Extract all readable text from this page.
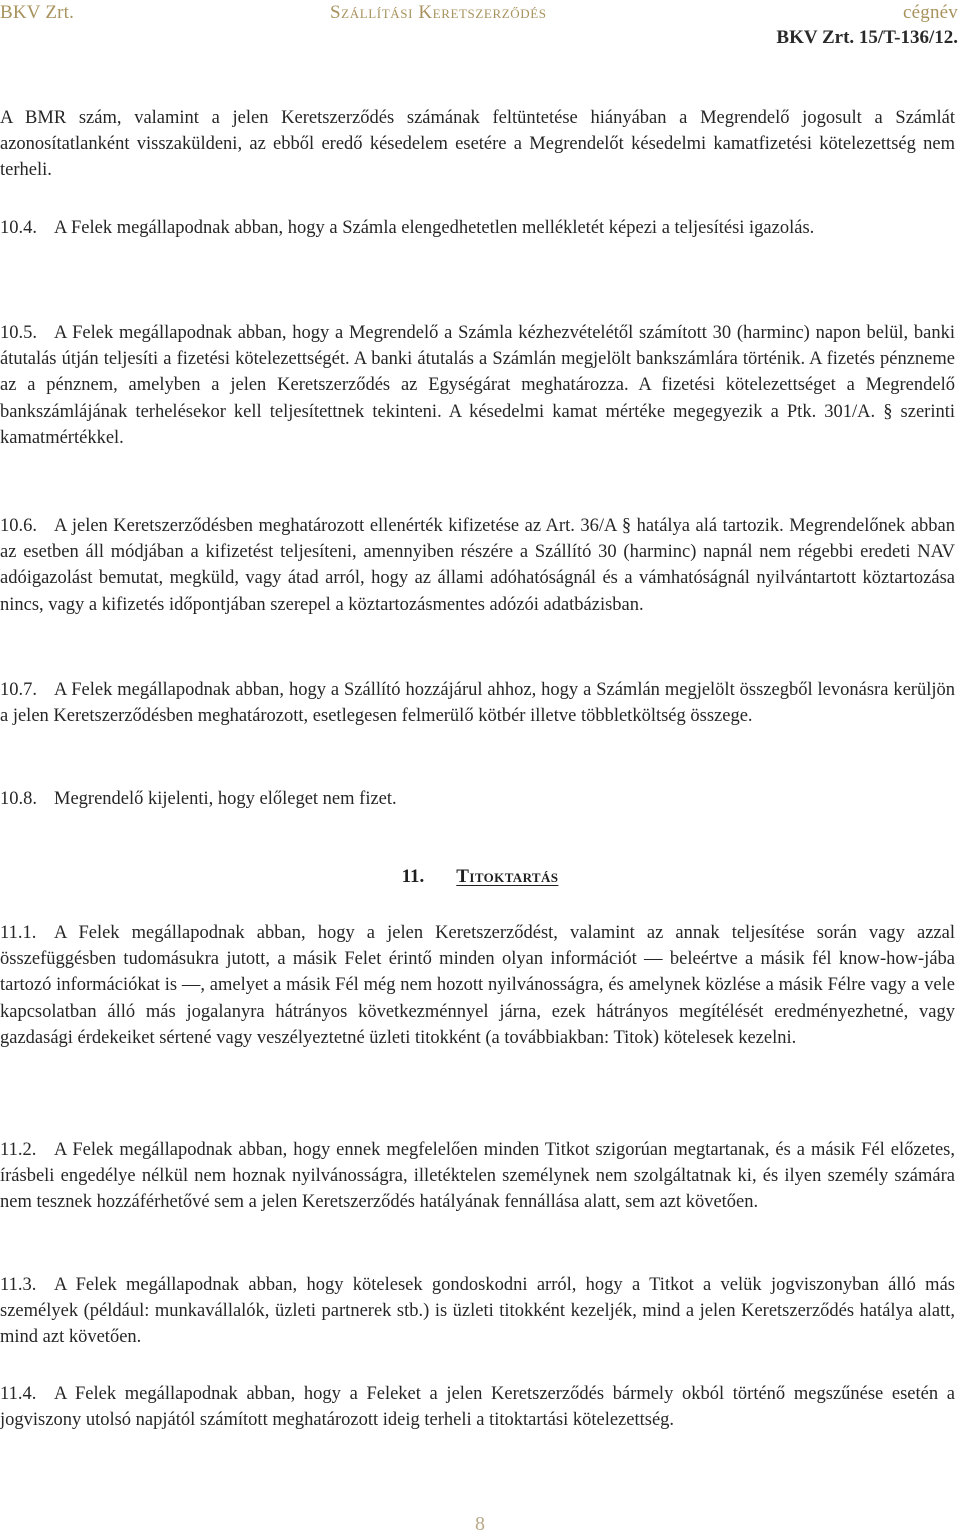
BKV Zrt.	Szállítási Keretszerződés	cégnév
BKV Zrt. 15/T-136/12.
A BMR szám, valamint a jelen Keretszerződés számának feltüntetése hiányában a Megrendelő jogosult a Számlát azonosítatlanként visszaküldeni, az ebből eredő késedelem esetére a Megrendelőt késedelmi kamatfizetési kötelezettség nem terheli.
10.4. A Felek megállapodnak abban, hogy a Számla elengedhetetlen mellékletét képezi a teljesítési igazolás.
10.5. A Felek megállapodnak abban, hogy a Megrendelő a Számla kézhezvételétől számított 30 (harminc) napon belül, banki átutalás útján teljesíti a fizetési kötelezettségét. A banki átutalás a Számlán megjelölt bankszámlára történik. A fizetés pénzneme az a pénznem, amelyben a jelen Keretszerződés az Egységárat meghatározza. A fizetési kötelezettséget a Megrendelő bankszámlájának terhelésekor kell teljesítettnek tekinteni. A késedelmi kamat mértéke megegyezik a Ptk. 301/A. § szerinti kamatmértékkel.
10.6. A jelen Keretszerződésben meghatározott ellenérték kifizetése az Art. 36/A § hatálya alá tartozik. Megrendelőnek abban az esetben áll módjában a kifizetést teljesíteni, amennyiben részére a Szállító 30 (harminc) napnál nem régebbi eredeti NAV adóigazolást bemutat, megküld, vagy átad arról, hogy az állami adóhatóságnál és a vámhatóságnál nyilvántartott köztartozása nincs, vagy a kifizetés időpontjában szerepel a köztartozásmentes adózói adatbázisban.
10.7. A Felek megállapodnak abban, hogy a Szállító hozzájárul ahhoz, hogy a Számlán megjelölt összegből levonásra kerüljön a jelen Keretszerződésben meghatározott, esetlegesen felmerülő kötbér illetve többletköltség összege.
10.8. Megrendelő kijelenti, hogy előleget nem fizet.
11. Titoktartás
11.1. A Felek megállapodnak abban, hogy a jelen Keretszerződést, valamint az annak teljesítése során vagy azzal összefüggésben tudomásukra jutott, a másik Felet érintő minden olyan információt — beleértve a másik fél know-how-jába tartozó információkat is —, amelyet a másik Fél még nem hozott nyilvánosságra, és amelynek közlése a másik Félre vagy a vele kapcsolatban álló más jogalanyra hátrányos következménnyel járna, ezek hátrányos megítélését eredményezhetné, vagy gazdasági érdekeiket sértené vagy veszélyeztetné üzleti titokként (a továbbiakban: Titok) kötelesek kezelni.
11.2. A Felek megállapodnak abban, hogy ennek megfelelően minden Titkot szigorúan megtartanak, és a másik Fél előzetes, írásbeli engedélye nélkül nem hoznak nyilvánosságra, illetéktelen személynek nem szolgáltatnak ki, és ilyen személy számára nem tesznek hozzáférhetővé sem a jelen Keretszerződés hatályának fennállása alatt, sem azt követően.
11.3. A Felek megállapodnak abban, hogy kötelesek gondoskodni arról, hogy a Titkot a velük jogviszonyban álló más személyek (például: munkavállalók, üzleti partnerek stb.) is üzleti titokként kezeljék, mind a jelen Keretszerződés hatálya alatt, mind azt követően.
11.4. A Felek megállapodnak abban, hogy a Feleket a jelen Keretszerződés bármely okból történő megszűnése esetén a jogviszony utolsó napjától számított meghatározott ideig terheli a titoktartási kötelezettség.
8
